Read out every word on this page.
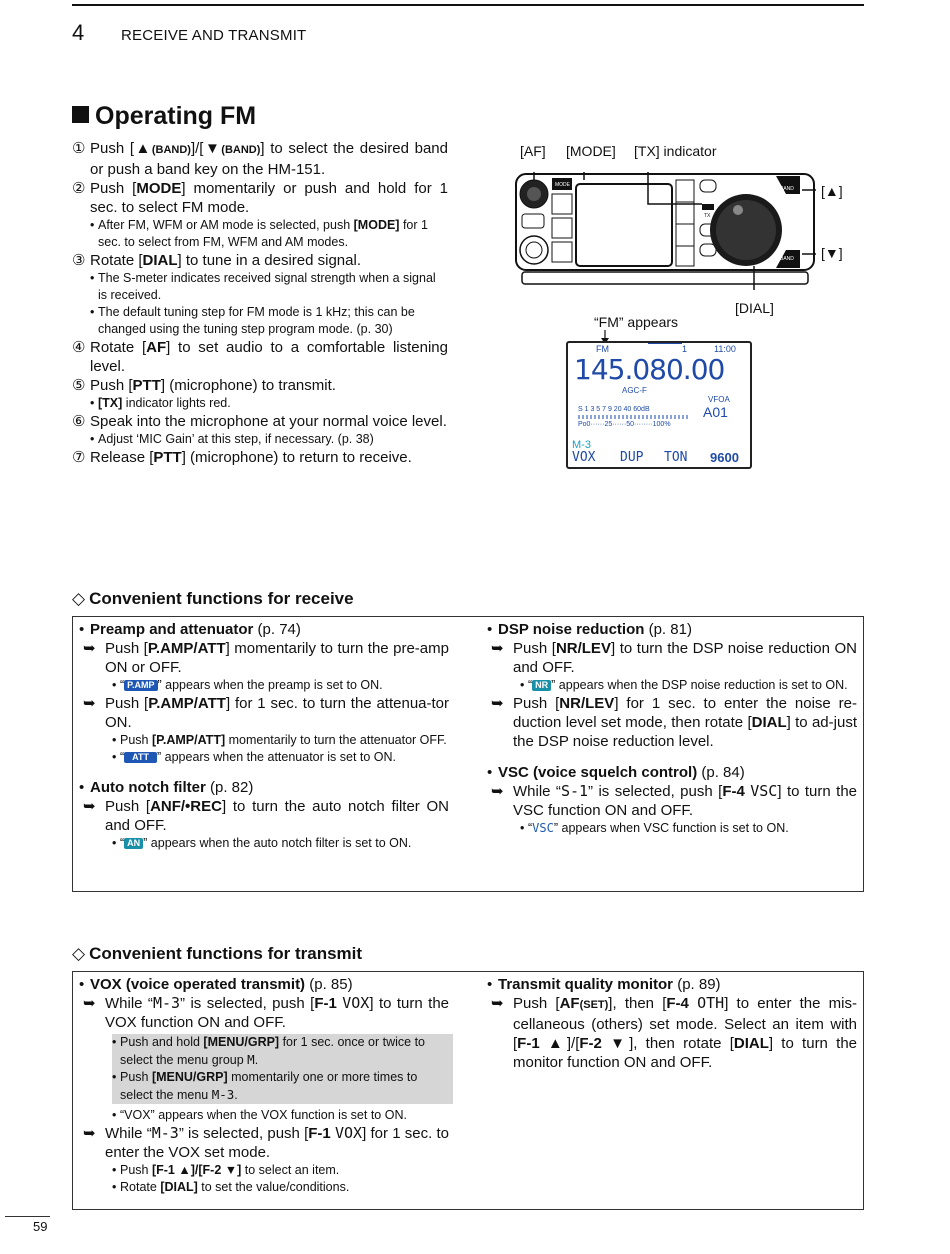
4 RECEIVE AND TRANSMIT
Operating FM
① Push [▲(BAND)]/[▼(BAND)] to select the desired band or push a band key on the HM-151.
② Push [MODE] momentarily or push and hold for 1 sec. to select FM mode.
• After FM, WFM or AM mode is selected, push [MODE] for 1 sec. to select from FM, WFM and AM modes.
③ Rotate [DIAL] to tune in a desired signal.
• The S-meter indicates received signal strength when a signal is received.
• The default tuning step for FM mode is 1 kHz; this can be changed using the tuning step program mode. (p. 30)
④ Rotate [AF] to set audio to a comfortable listening level.
⑤ Push [PTT] (microphone) to transmit.
• [TX] indicator lights red.
⑥ Speak into the microphone at your normal voice level.
• Adjust ‘MIC Gain’ at this step, if necessary. (p. 38)
⑦ Release [PTT] (microphone) to return to receive.
[AF] [MODE] [TX] indicator
[▲]
[▼]
[DIAL]
“FM” appears
MODE
TX
BAND
BAND
FM	1	11:00
145.080.00
AGC-F
VFOA
A01
S 1 3 5 7 9 20 40 60dB
Po0······25······50········100%
M-3
VOX DUP TON 9600
◇ Convenient functions for receive
• Preamp and attenuator (p. 74)
➥ Push [P.AMP/ATT] momentarily to turn the pre-amp ON or OFF.
• “ P.AMP ” appears when the preamp is set to ON.
➥ Push [P.AMP/ATT] for 1 sec. to turn the attenua-tor ON.
• Push [P.AMP/ATT] momentarily to turn the attenuator OFF.
• “ ATT ” appears when the attenuator is set to ON.
• Auto notch filter (p. 82)
➥ Push [ANF/•REC] to turn the auto notch filter ON and OFF.
• “ AN ” appears when the auto notch filter is set to ON.
• DSP noise reduction (p. 81)
➥ Push [NR/LEV] to turn the DSP noise reduction ON and OFF.
• “ NR ” appears when the DSP noise reduction is set to ON.
➥ Push [NR/LEV] for 1 sec. to enter the noise re-duction level set mode, then rotate [DIAL] to ad-just the DSP noise reduction level.
• VSC (voice squelch control) (p. 84)
➥ While “S-1” is selected, push [F-4 VSC] to turn the VSC function ON and OFF.
• “VSC” appears when VSC function is set to ON.
◇ Convenient functions for transmit
• VOX (voice operated transmit) (p. 85)
➥ While “M-3” is selected, push [F-1 VOX] to turn the VOX function ON and OFF.
• Push and hold [MENU/GRP] for 1 sec. once or twice to select the menu group M.
• Push [MENU/GRP] momentarily one or more times to select the menu M-3.
• “VOX” appears when the VOX function is set to ON.
➥ While “M-3” is selected, push [F-1 VOX] for 1 sec. to enter the VOX set mode.
• Push [F-1 ▲]/[F-2 ▼] to select an item.
• Rotate [DIAL] to set the value/conditions.
• Transmit quality monitor (p. 89)
➥ Push [AF(SET)], then [F-4 OTH] to enter the mis-cellaneous (others) set mode. Select an item with [F-1 ▲]/[F-2 ▼], then rotate [DIAL] to turn the monitor function ON and OFF.
59
